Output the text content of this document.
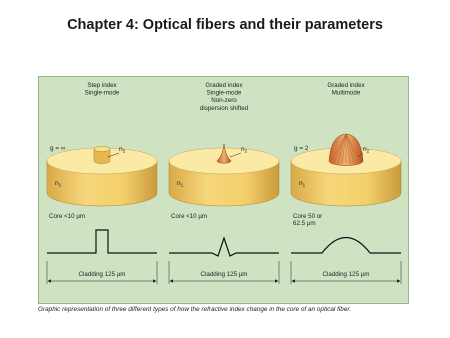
Chapter 4: Optical fibers and their parameters
Step index
Single-mode
g = ∞	$n_2$
$n_1$
Core <10 µm
Cladding 125 µm
Graded index
Single-mode
Non-zero
dispersion shifted
$n_2$
$n_1$
Core <10 µm
Cladding 125 µm
Graded index
Multimode
g = 2	$n_2$
$n_1$
Core 50 or
62.5 µm
Cladding 125 µm
Graphic representation of three different types of how the refractive index change in the core of an optical fiber.
